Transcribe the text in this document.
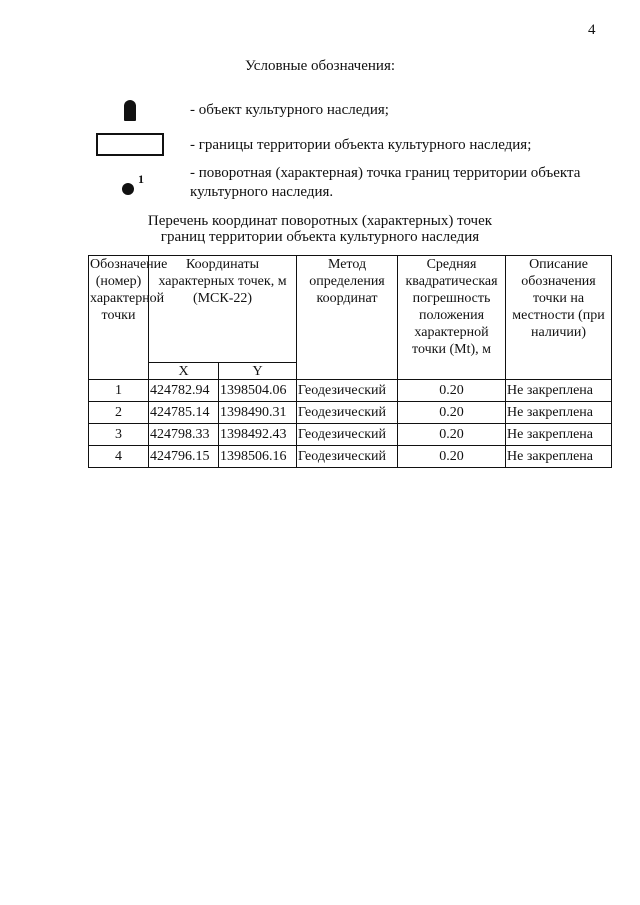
4
Условные обозначения:
- объект культурного наследия;
- границы территории объекта культурного наследия;
1	- поворотная (характерная) точка границ территории объекта культурного наследия.
Перечень координат поворотных (характерных) точек
границ территории объекта культурного наследия
Обозначение (номер) характерной точки	Координаты характерных точек, м (МСК-22)		Метод определения координат	Средняя квадратическая погрешность положения характерной точки (Mt), м	Описание обозначения точки на местности (при наличии)
	X	Y			
1	424782.94	1398504.06	Геодезический	0.20	Не закреплена
2	424785.14	1398490.31	Геодезический	0.20	Не закреплена
3	424798.33	1398492.43	Геодезический	0.20	Не закреплена
4	424796.15	1398506.16	Геодезический	0.20	Не закреплена
